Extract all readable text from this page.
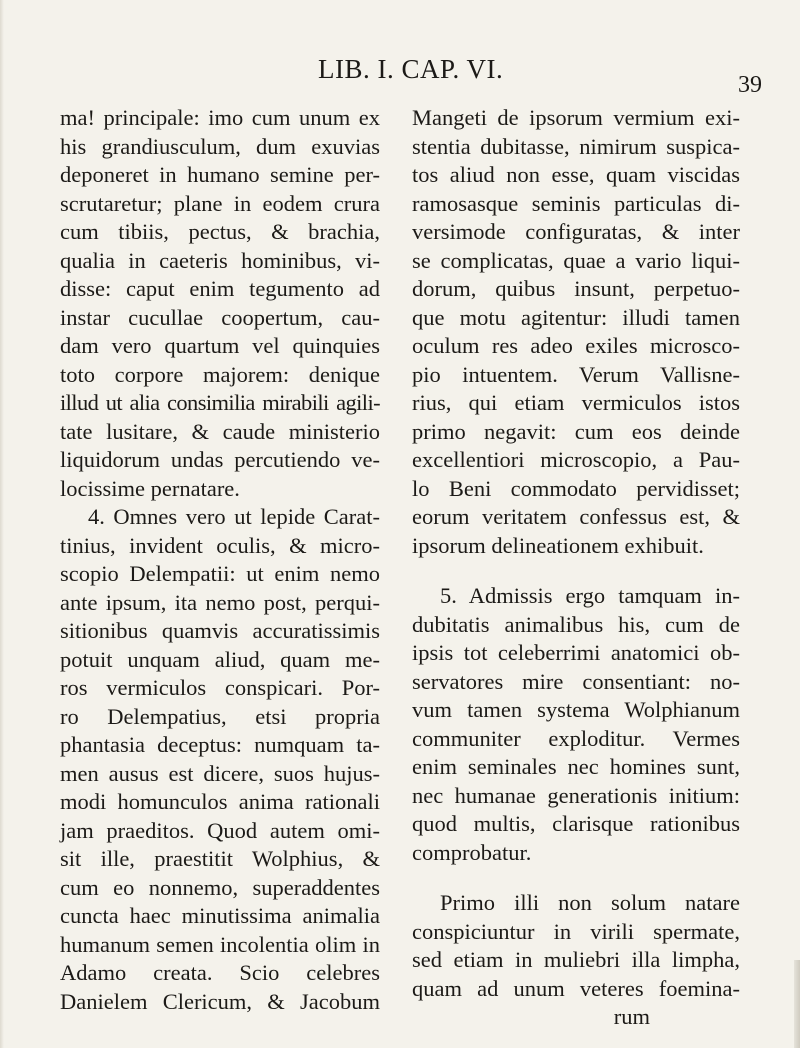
LIB. I. CAP. VI.
39
ma! principale: imo cum unum ex
his grandiusculum, dum exuvias
deponeret in humano semine per-
scrutaretur; plane in eodem crura
cum tibiis, pectus, & brachia,
qualia in caeteris hominibus, vi-
disse: caput enim tegumento ad
instar cucullae coopertum, cau-
dam vero quartum vel quinquies
toto corpore majorem: denique
illud ut alia consimilia mirabili agili-
tate lusitare, & caude ministerio
liquidorum undas percutiendo ve-
locissime pernatare.
4. Omnes vero ut lepide Carat-
tinius, invident oculis, & micro-
scopio Delempatii: ut enim nemo
ante ipsum, ita nemo post, perqui-
sitionibus quamvis accuratissimis
potuit unquam aliud, quam me-
ros vermiculos conspicari. Por-
ro Delempatius, etsi propria
phantasia deceptus: numquam ta-
men ausus est dicere, suos hujus-
modi homunculos anima rationali
jam praeditos. Quod autem omi-
sit ille, praestitit Wolphius, &
cum eo nonnemo, superaddentes
cuncta haec minutissima animalia
humanum semen incolentia olim in
Adamo creata. Scio celebres
Danielem Clericum, & Jacobum
Mangeti de ipsorum vermium exi-
stentia dubitasse, nimirum suspica-
tos aliud non esse, quam viscidas
ramosasque seminis particulas di-
versimode configuratas, & inter
se complicatas, quae a vario liqui-
dorum, quibus insunt, perpetuo-
que motu agitentur: illudi tamen
oculum res adeo exiles microsco-
pio intuentem. Verum Vallisne-
rius, qui etiam vermiculos istos
primo negavit: cum eos deinde
excellentiori microscopio, a Pau-
lo Beni commodato pervidisset;
eorum veritatem confessus est, &
ipsorum delineationem exhibuit.
5. Admissis ergo tamquam in-
dubitatis animalibus his, cum de
ipsis tot celeberrimi anatomici ob-
servatores mire consentiant: no-
vum tamen systema Wolphianum
communiter exploditur. Vermes
enim seminales nec homines sunt,
nec humanae generationis initium:
quod multis, clarisque rationibus
comprobatur.
Primo illi non solum natare
conspiciuntur in virili spermate,
sed etiam in muliebri illa limpha,
quam ad unum veteres foemina-
rum
